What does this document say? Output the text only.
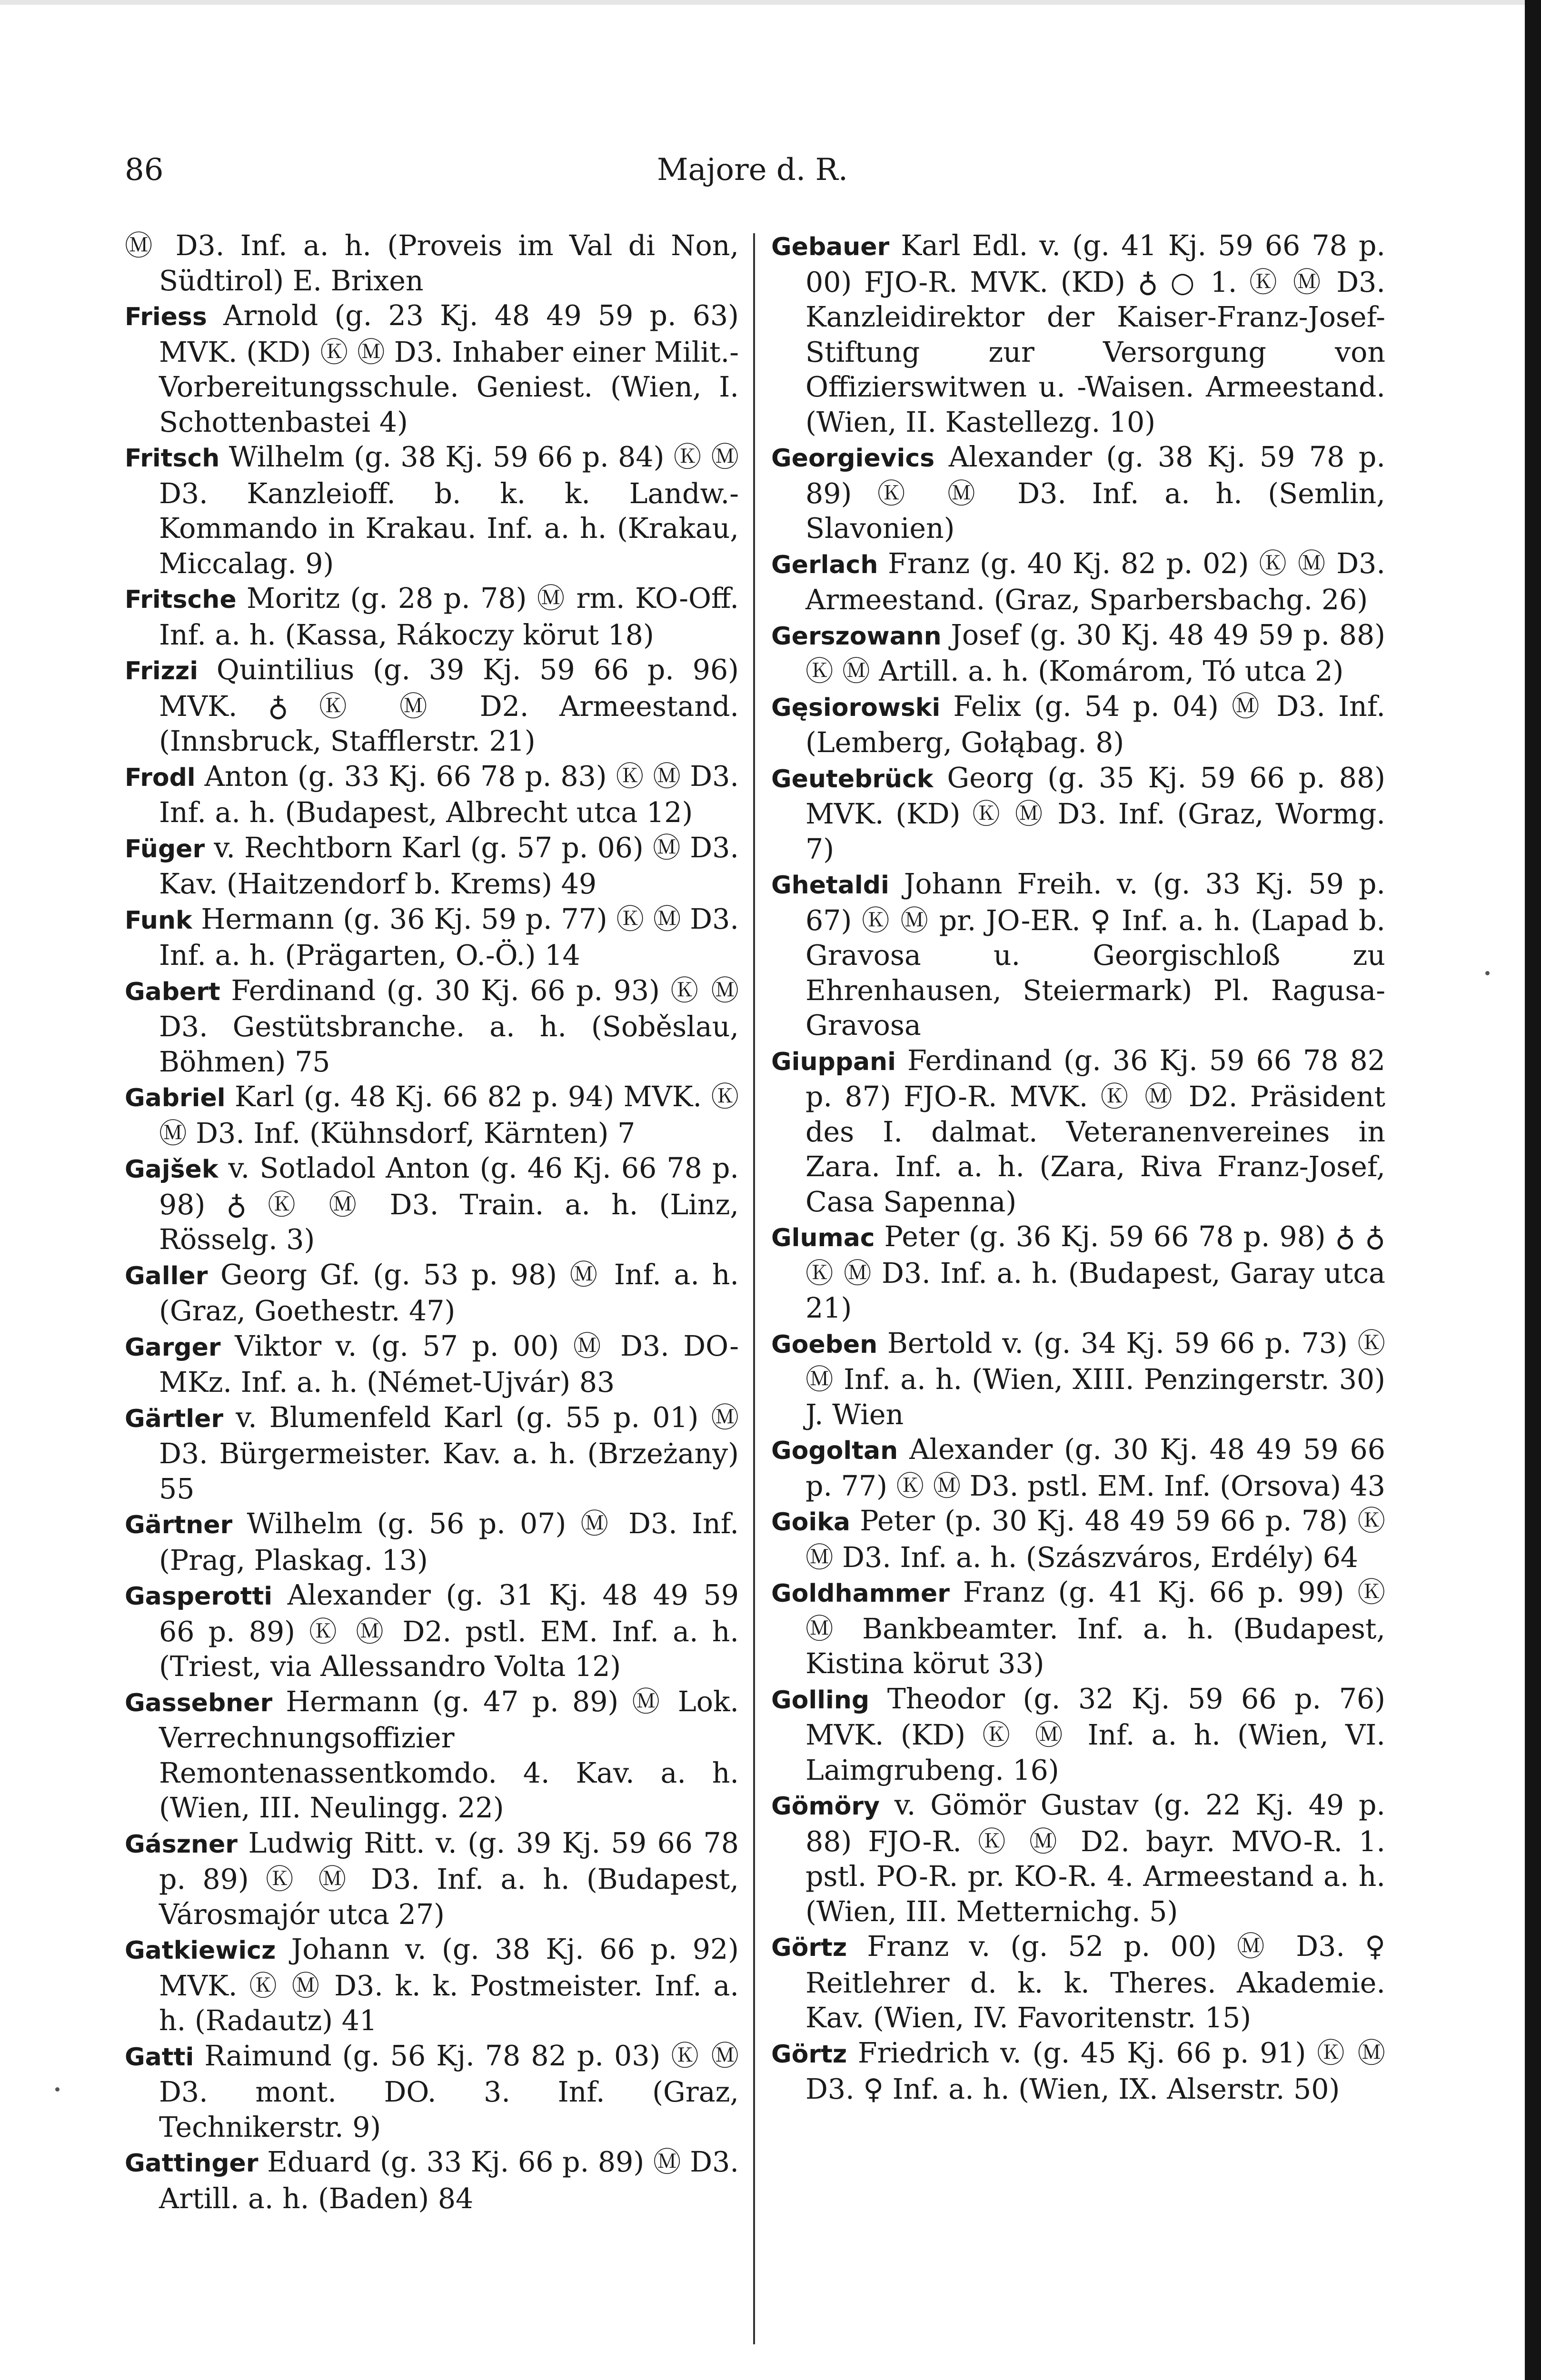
86	Majore d. R.

Ⓜ D3. Inf. a. h. (Proveis im Val di Non, Südtirol) E. Brixen

Friess Arnold (g. 23 Kj. 48 49 59 p. 63) MVK. (KD) Ⓚ Ⓜ D3. Inhaber einer Milit.-Vorbereitungsschule. Geniest. (Wien, I. Schottenbastei 4)

Fritsch Wilhelm (g. 38 Kj. 59 66 p. 84) Ⓚ Ⓜ D3. Kanzleioff. b. k. k. Landw.-Kommando in Krakau. Inf. a. h. (Krakau, Miccalag. 9)

Fritsche Moritz (g. 28 p. 78) Ⓜ rm. KO-Off. Inf. a. h. (Kassa, Rákoczy körut 18)

Frizzi Quintilius (g. 39 Kj. 59 66 p. 96) MVK. ♁ Ⓚ Ⓜ D2. Armeestand. (Innsbruck, Stafflerstr. 21)

Frodl Anton (g. 33 Kj. 66 78 p. 83) Ⓚ Ⓜ D3. Inf. a. h. (Budapest, Albrecht utca 12)

Füger v. Rechtborn Karl (g. 57 p. 06) Ⓜ D3. Kav. (Haitzendorf b. Krems) 49

Funk Hermann (g. 36 Kj. 59 p. 77) Ⓚ Ⓜ D3. Inf. a. h. (Prägarten, O.-Ö.) 14

Gabert Ferdinand (g. 30 Kj. 66 p. 93) Ⓚ Ⓜ D3. Gestütsbranche. a. h. (Soběslau, Böhmen) 75

Gabriel Karl (g. 48 Kj. 66 82 p. 94) MVK. Ⓚ Ⓜ D3. Inf. (Kühnsdorf, Kärnten) 7

Gajšek v. Sotladol Anton (g. 46 Kj. 66 78 p. 98) ♁ Ⓚ Ⓜ D3. Train. a. h. (Linz, Rösselg. 3)

Galler Georg Gf. (g. 53 p. 98) Ⓜ Inf. a. h. (Graz, Goethestr. 47)

Garger Viktor v. (g. 57 p. 00) Ⓜ D3. DO-MKz. Inf. a. h. (Német-Ujvár) 83

Gärtler v. Blumenfeld Karl (g. 55 p. 01) Ⓜ D3. Bürgermeister. Kav. a. h. (Brzeżany) 55

Gärtner Wilhelm (g. 56 p. 07) Ⓜ D3. Inf. (Prag, Plaskag. 13)

Gasperotti Alexander (g. 31 Kj. 48 49 59 66 p. 89) Ⓚ Ⓜ D2. pstl. EM. Inf. a. h. (Triest, via Allessandro Volta 12)

Gassebner Hermann (g. 47 p. 89) Ⓜ Lok. Verrechnungsoffizier Remontenassentkomdo. 4. Kav. a. h. (Wien, III. Neulingg. 22)

Gászner Ludwig Ritt. v. (g. 39 Kj. 59 66 78 p. 89) Ⓚ Ⓜ D3. Inf. a. h. (Budapest, Városmajór utca 27)

Gatkiewicz Johann v. (g. 38 Kj. 66 p. 92) MVK. Ⓚ Ⓜ D3. k. k. Postmeister. Inf. a. h. (Radautz) 41

Gatti Raimund (g. 56 Kj. 78 82 p. 03) Ⓚ Ⓜ D3. mont. DO. 3. Inf. (Graz, Technikerstr. 9)

Gattinger Eduard (g. 33 Kj. 66 p. 89) Ⓜ D3. Artill. a. h. (Baden) 84

Gebauer Karl Edl. v. (g. 41 Kj. 59 66 78 p. 00) FJO-R. MVK. (KD) ♁ ○ 1. Ⓚ Ⓜ D3. Kanzleidirektor der Kaiser-Franz-Josef-Stiftung zur Versorgung von Offizierswitwen u. -Waisen. Armeestand. (Wien, II. Kastellezg. 10)

Georgievics Alexander (g. 38 Kj. 59 78 p. 89) Ⓚ Ⓜ D3. Inf. a. h. (Semlin, Slavonien)

Gerlach Franz (g. 40 Kj. 82 p. 02) Ⓚ Ⓜ D3. Armeestand. (Graz, Sparbersbachg. 26)

Gerszowann Josef (g. 30 Kj. 48 49 59 p. 88) Ⓚ Ⓜ Artill. a. h. (Komárom, Tó utca 2)

Gęsiorowski Felix (g. 54 p. 04) Ⓜ D3. Inf. (Lemberg, Gołąbag. 8)

Geutebrück Georg (g. 35 Kj. 59 66 p. 88) MVK. (KD) Ⓚ Ⓜ D3. Inf. (Graz, Wormg. 7)

Ghetaldi Johann Freih. v. (g. 33 Kj. 59 p. 67) Ⓚ Ⓜ pr. JO-ER. ♀ Inf. a. h. (Lapad b. Gravosa u. Georgischloß zu Ehrenhausen, Steiermark) Pl. Ragusa-Gravosa

Giuppani Ferdinand (g. 36 Kj. 59 66 78 82 p. 87) FJO-R. MVK. Ⓚ Ⓜ D2. Präsident des I. dalmat. Veteranenvereines in Zara. Inf. a. h. (Zara, Riva Franz-Josef, Casa Sapenna)

Glumac Peter (g. 36 Kj. 59 66 78 p. 98) ♁ ♁ Ⓚ Ⓜ D3. Inf. a. h. (Budapest, Garay utca 21)

Goeben Bertold v. (g. 34 Kj. 59 66 p. 73) Ⓚ Ⓜ Inf. a. h. (Wien, XIII. Penzingerstr. 30) J. Wien

Gogoltan Alexander (g. 30 Kj. 48 49 59 66 p. 77) Ⓚ Ⓜ D3. pstl. EM. Inf. (Orsova) 43

Goika Peter (p. 30 Kj. 48 49 59 66 p. 78) Ⓚ Ⓜ D3. Inf. a. h. (Szászváros, Erdély) 64

Goldhammer Franz (g. 41 Kj. 66 p. 99) Ⓚ Ⓜ Bankbeamter. Inf. a. h. (Budapest, Kistina körut 33)

Golling Theodor (g. 32 Kj. 59 66 p. 76) MVK. (KD) Ⓚ Ⓜ Inf. a. h. (Wien, VI. Laimgrubeng. 16)

Gömöry v. Gömör Gustav (g. 22 Kj. 49 p. 88) FJO-R. Ⓚ Ⓜ D2. bayr. MVO-R. 1. pstl. PO-R. pr. KO-R. 4. Armeestand a. h. (Wien, III. Metternichg. 5)

Görtz Franz v. (g. 52 p. 00) Ⓜ D3. ♀ Reitlehrer d. k. k. Theres. Akademie. Kav. (Wien, IV. Favoritenstr. 15)

Görtz Friedrich v. (g. 45 Kj. 66 p. 91) Ⓚ Ⓜ D3. ♀ Inf. a. h. (Wien, IX. Alserstr. 50)
